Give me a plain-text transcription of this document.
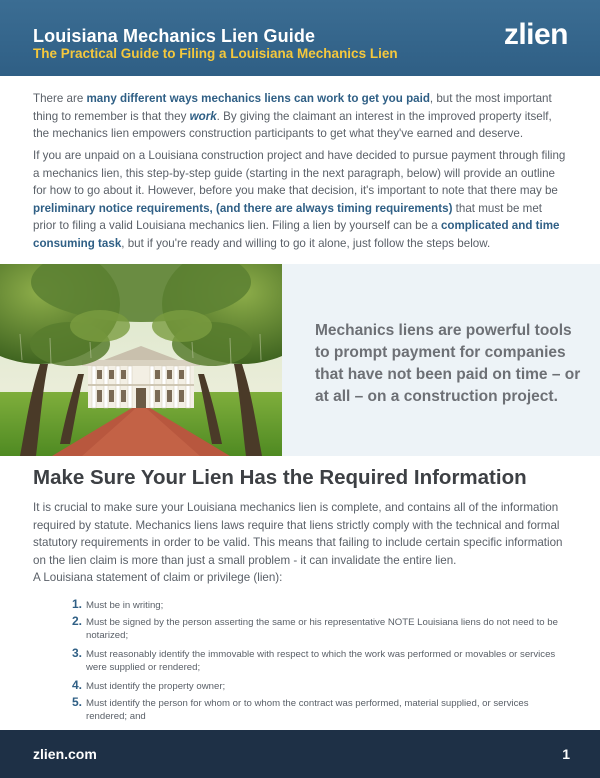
Louisiana Mechanics Lien Guide
The Practical Guide to Filing a Louisiana Mechanics Lien
zlien

There are many different ways mechanics liens can work to get you paid, but the most important thing to remember is that they work. By giving the claimant an interest in the improved property itself, the mechanics lien empowers construction participants to get what they've earned and deserve.

If you are unpaid on a Louisiana construction project and have decided to pursue payment through filing a mechanics lien, this step-by-step guide (starting in the next paragraph, below) will provide an outline for how to go about it. However, before you make that decision, it's important to note that there may be preliminary notice requirements, (and there are always timing requirements) that must be met prior to filing a valid Louisiana mechanics lien. Filing a lien by yourself can be a complicated and time consuming task, but if you're ready and willing to go it alone, just follow the steps below.

Mechanics liens are powerful tools to prompt payment for companies that have not been paid on time – or at all – on a construction project.
Make Sure Your Lien Has the Required Information

It is crucial to make sure your Louisiana mechanics lien is complete, and contains all of the information required by statute. Mechanics liens laws require that liens strictly comply with the technical and formal statutory requirements in order to be valid. This means that failing to include certain specific information on the lien claim is more than just a small problem - it can invalidate the entire lien.

A Louisiana statement of claim or privilege (lien):

1. Must be in writing;
2. Must be signed by the person asserting the same or his representative NOTE Louisiana liens do not need to be notarized;
3. Must reasonably identify the immovable with respect to which the work was performed or movables or services were supplied or rendered;
4. Must identify the property owner;
5. Must identify the person for whom or to whom the contract was performed, material supplied, or services rendered; and
zlien.com	1
